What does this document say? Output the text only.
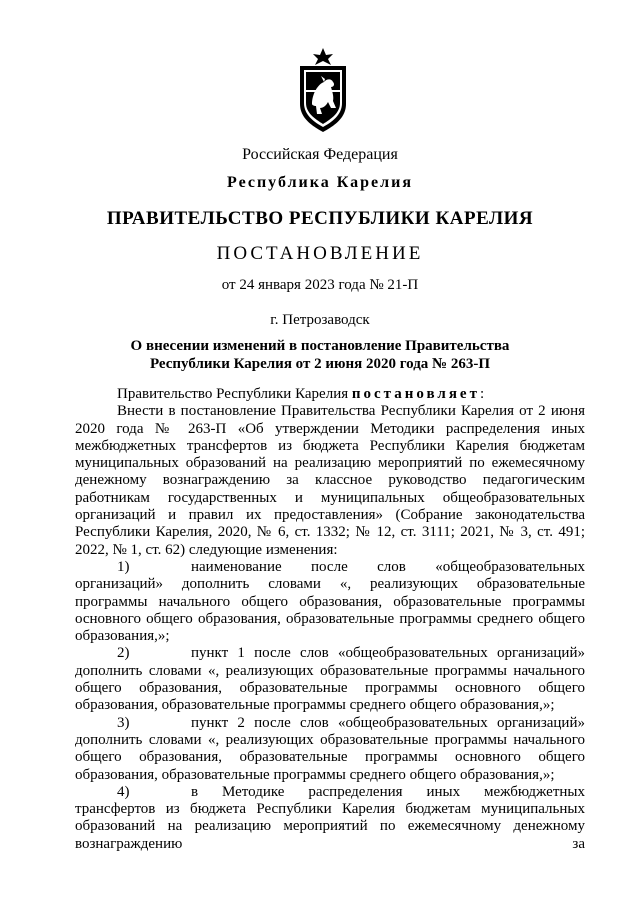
Российская Федерация
Республика Карелия
ПРАВИТЕЛЬСТВО РЕСПУБЛИКИ КАРЕЛИЯ
ПОСТАНОВЛЕНИЕ
от 24 января 2023 года № 21-П
г. Петрозаводск
О внесении изменений в постановление Правительства
Республики Карелия от 2 июня 2020 года № 263-П

Правительство Республики Карелия постановляет:

Внести в постановление Правительства Республики Карелия от 2 июня 2020 года № 263-П «Об утверждении Методики распределения иных межбюджетных трансфертов из бюджета Республики Карелия бюджетам муниципальных образований на реализацию мероприятий по ежемесячному денежному вознаграждению за классное руководство педагогическим работникам государственных и муниципальных общеобразовательных организаций и правил их предоставления» (Собрание законодательства Республики Карелия, 2020, № 6, ст. 1332; № 12, ст. 3111; 2021, № 3, ст. 491; 2022, № 1, ст. 62) следующие изменения:

1)	наименование после слов «общеобразовательных организаций» дополнить словами «, реализующих образовательные программы начального общего образования, образовательные программы основного общего образования, образовательные программы среднего общего образования,»;

2)	пункт 1 после слов «общеобразовательных организаций» дополнить словами «, реализующих образовательные программы начального общего образования, образовательные программы основного общего образования, образовательные программы среднего общего образования,»;

3)	пункт 2 после слов «общеобразовательных организаций» дополнить словами «, реализующих образовательные программы начального общего образования, образовательные программы основного общего образования, образовательные программы среднего общего образования,»;

4)	в Методике распределения иных межбюджетных трансфертов из бюджета Республики Карелия бюджетам муниципальных образований на реализацию мероприятий по ежемесячному денежному вознаграждению за
